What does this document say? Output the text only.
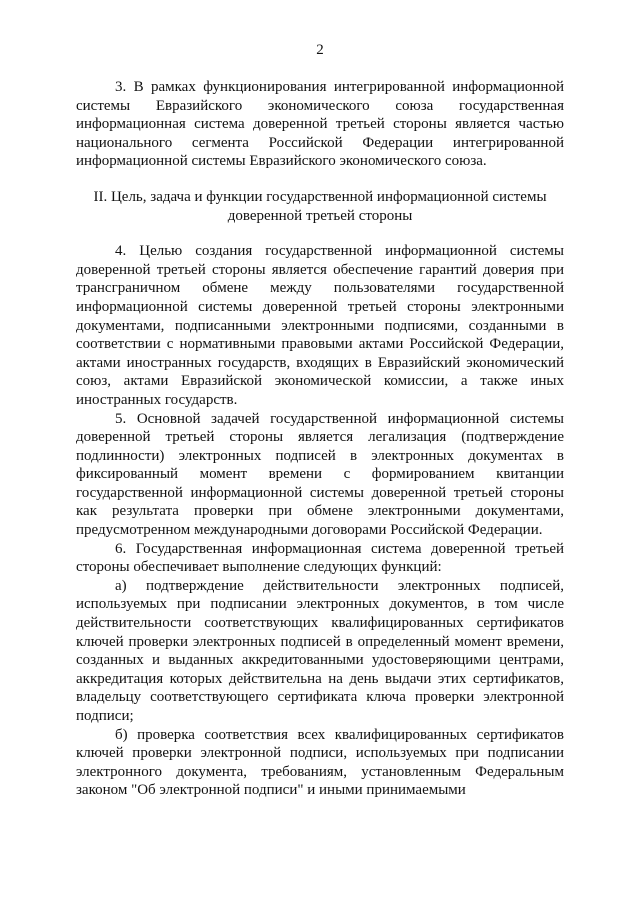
2

3. В рамках функционирования интегрированной информационной системы Евразийского экономического союза государственная информационная система доверенной третьей стороны является частью национального сегмента Российской Федерации интегрированной информационной системы Евразийского экономического союза.

II. Цель, задача и функции государственной информационной системы

доверенной третьей стороны

4. Целью создания государственной информационной системы доверенной третьей стороны является обеспечение гарантий доверия при трансграничном обмене между пользователями государственной информационной системы доверенной третьей стороны электронными документами, подписанными электронными подписями, созданными в соответствии с нормативными правовыми актами Российской Федерации, актами иностранных государств, входящих в Евразийский экономический союз, актами Евразийской экономической комиссии, а также иных иностранных государств.

5. Основной задачей государственной информационной системы доверенной третьей стороны является легализация (подтверждение подлинности) электронных подписей в электронных документах в фиксированный момент времени с формированием квитанции государственной информационной системы доверенной третьей стороны как результата проверки при обмене электронными документами, предусмотренном международными договорами Российской Федерации.

6. Государственная информационная система доверенной третьей стороны обеспечивает выполнение следующих функций:

а) подтверждение действительности электронных подписей, используемых при подписании электронных документов, в том числе действительности соответствующих квалифицированных сертификатов ключей проверки электронных подписей в определенный момент времени, созданных и выданных аккредитованными удостоверяющими центрами, аккредитация которых действительна на день выдачи этих сертификатов, владельцу соответствующего сертификата ключа проверки электронной подписи;

б) проверка соответствия всех квалифицированных сертификатов ключей проверки электронной подписи, используемых при подписании электронного документа, требованиям, установленным Федеральным законом "Об электронной подписи" и иными принимаемыми
